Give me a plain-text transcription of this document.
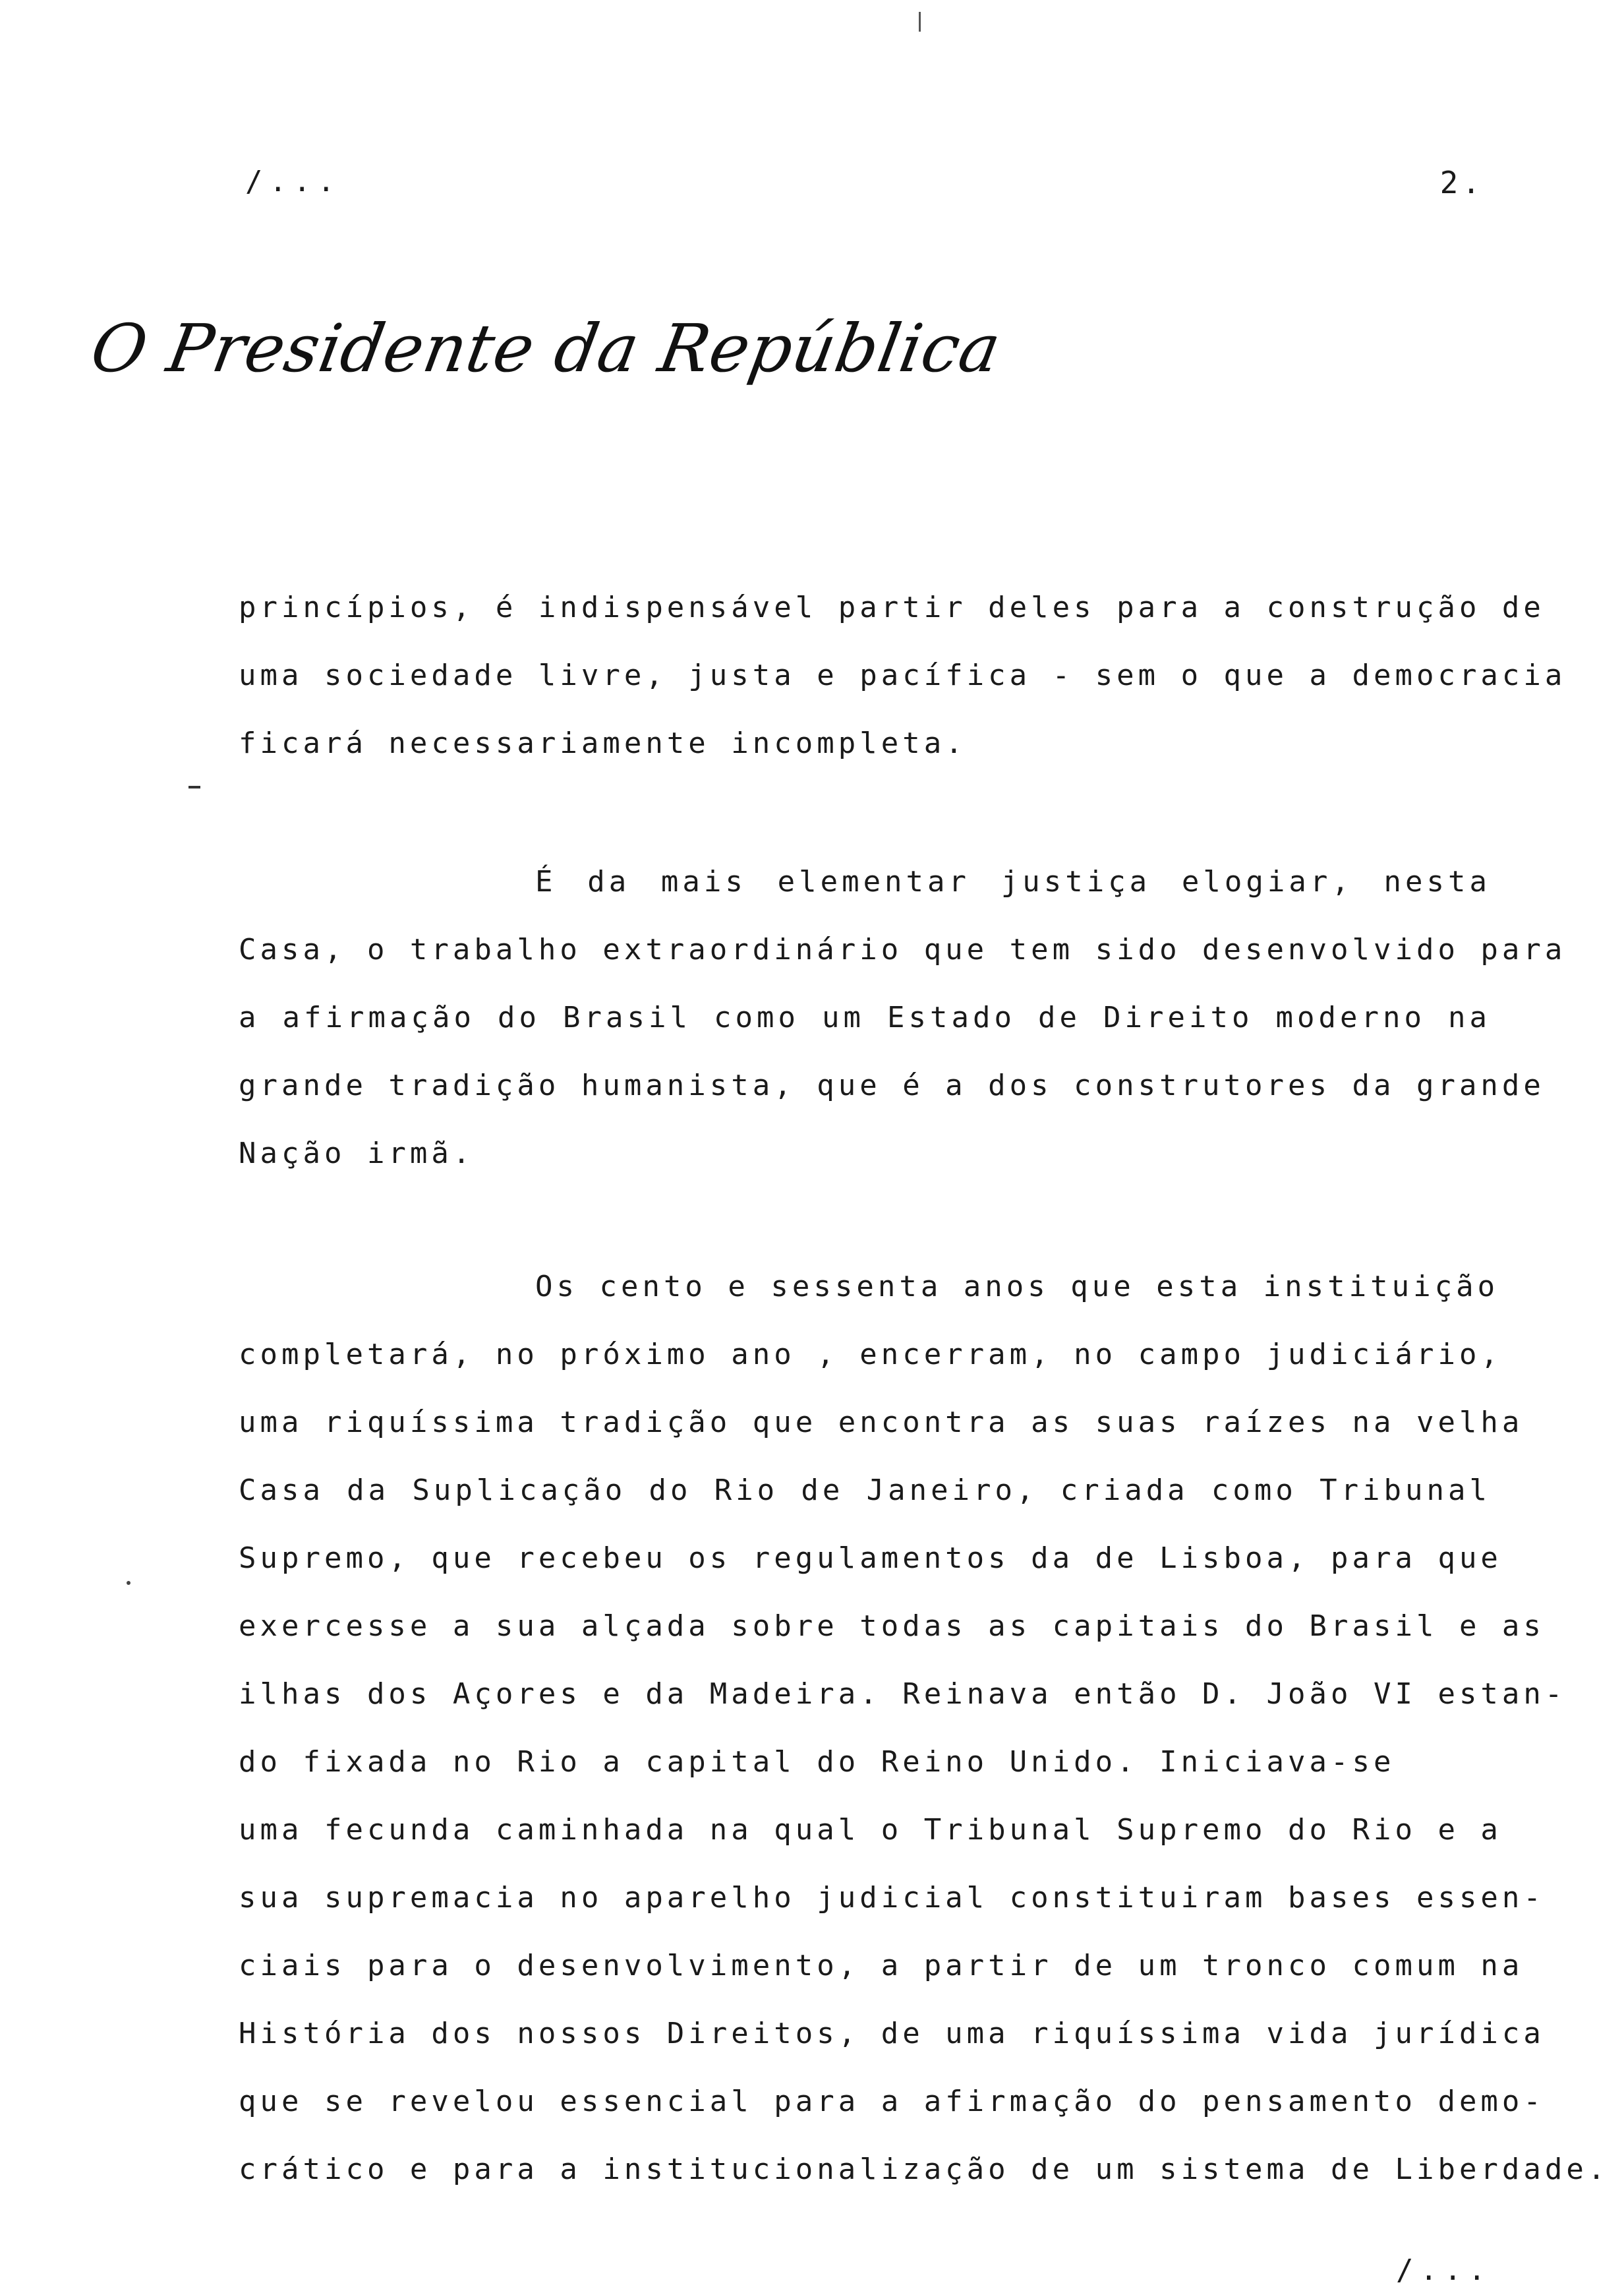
/...	2.
O Presidente da República
princípios, é indispensável partir deles para a construção de
uma sociedade livre, justa e pacífica - sem o que a democracia
ficará necessariamente incompleta.
É da mais elementar justiça elogiar, nesta
Casa, o trabalho extraordinário que tem sido desenvolvido para
a afirmação do Brasil como um Estado de Direito moderno na
grande tradição humanista, que é a dos construtores da grande
Nação irmã.
Os cento e sessenta anos que esta instituição
completará, no próximo ano , encerram, no campo judiciário,
uma riquíssima tradição que encontra as suas raízes na velha
Casa da Suplicação do Rio de Janeiro, criada como Tribunal
Supremo, que recebeu os regulamentos da de Lisboa, para que
exercesse a sua alçada sobre todas as capitais do Brasil e as
ilhas dos Açores e da Madeira. Reinava então D. João VI estan-
do fixada no Rio a capital do Reino Unido. Iniciava-se
uma fecunda caminhada na qual o Tribunal Supremo do Rio e a
sua supremacia no aparelho judicial constituiram bases essen-
ciais para o desenvolvimento, a partir de um tronco comum na
História dos nossos Direitos, de uma riquíssima vida jurídica
que se revelou essencial para a afirmação do pensamento demo-
crático e para a institucionalização de um sistema de Liberdade.
/...
